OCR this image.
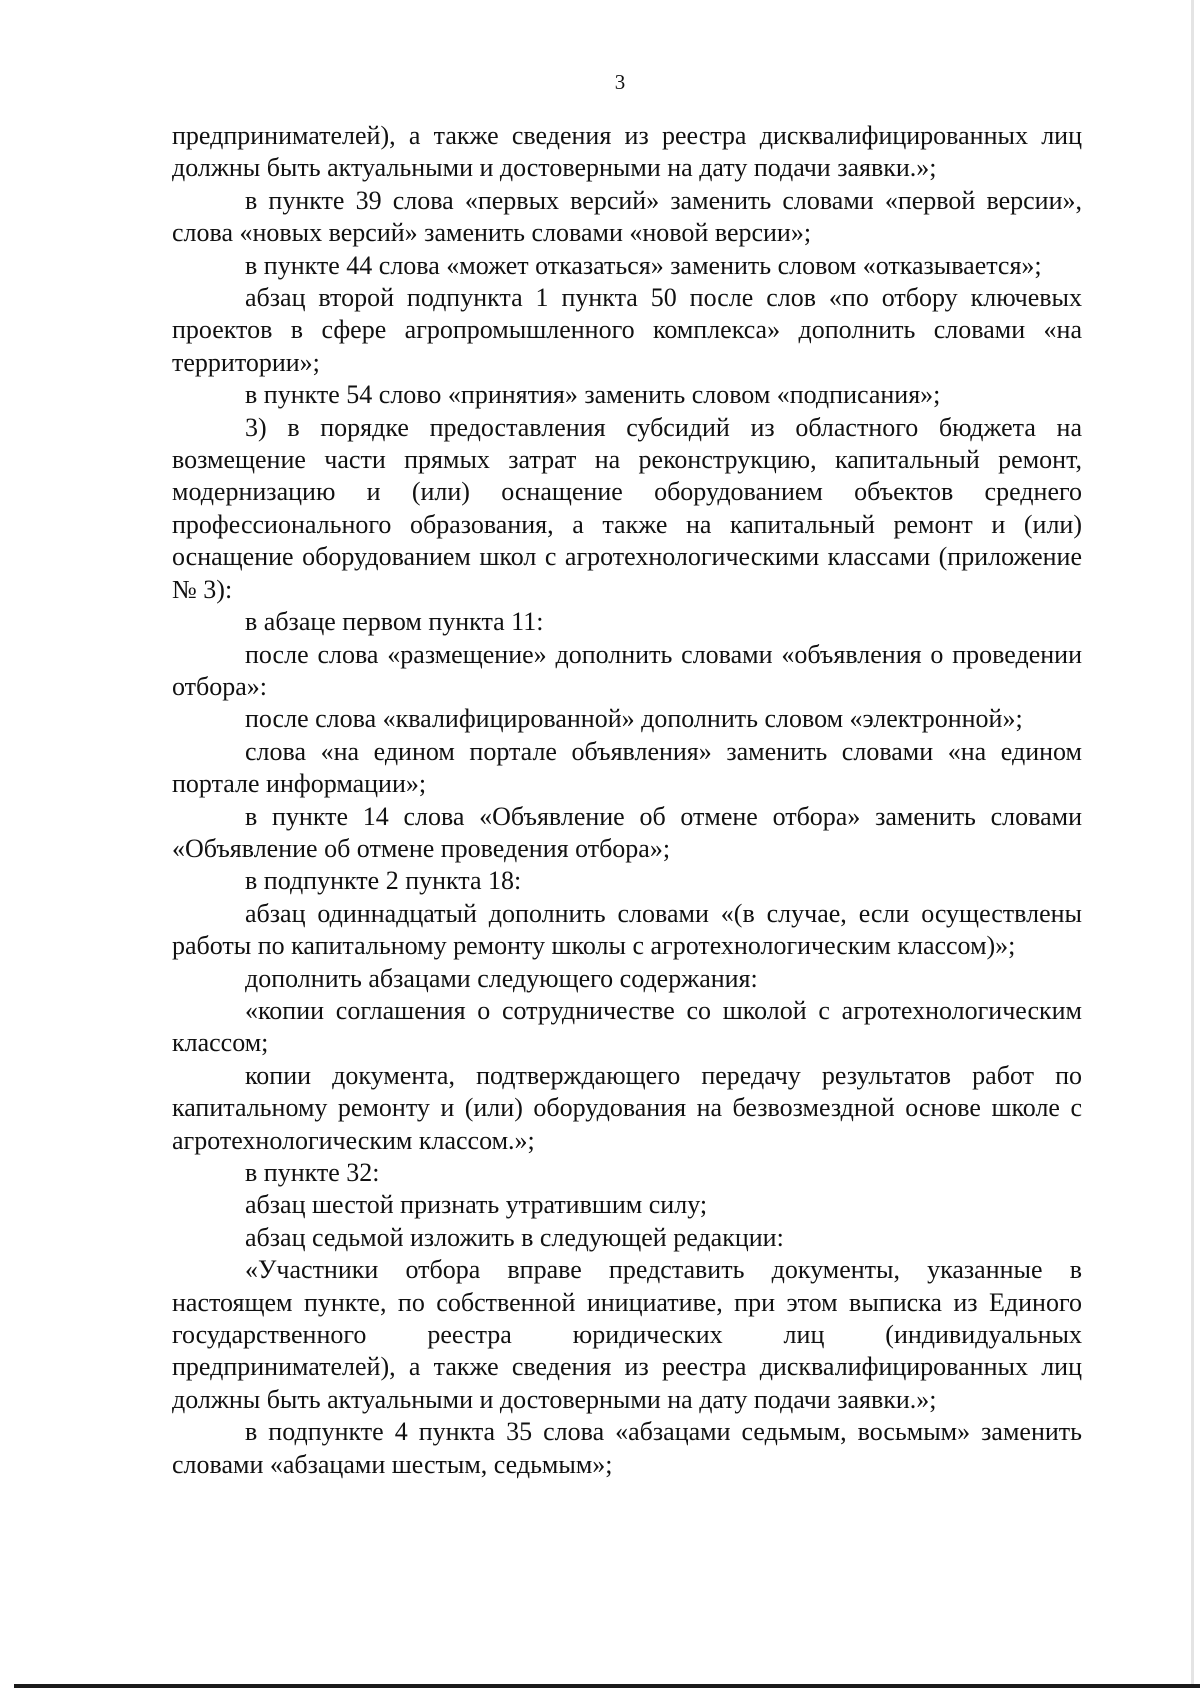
3

предпринимателей), а также сведения из реестра дисквалифицированных лиц должны быть актуальными и достоверными на дату подачи заявки.»;

в пункте 39 слова «первых версий» заменить словами «первой версии», слова «новых версий» заменить словами «новой версии»;

в пункте 44 слова «может отказаться» заменить словом «отказывается»;

абзац второй подпункта 1 пункта 50 после слов «по отбору ключевых проектов в сфере агропромышленного комплекса» дополнить словами «на территории»;

в пункте 54 слово «принятия» заменить словом «подписания»;

3) в порядке предоставления субсидий из областного бюджета на возмещение части прямых затрат на реконструкцию, капитальный ремонт, модернизацию и (или) оснащение оборудованием объектов среднего профессионального образования, а также на капитальный ремонт и (или) оснащение оборудованием школ с агротехнологическими классами (приложение № 3):

в абзаце первом пункта 11:

после слова «размещение» дополнить словами «объявления о проведении отбора»:

после слова «квалифицированной» дополнить словом «электронной»;

слова «на едином портале объявления» заменить словами «на едином портале информации»;

в пункте 14 слова «Объявление об отмене отбора» заменить словами «Объявление об отмене проведения отбора»;

в подпункте 2 пункта 18:

абзац одиннадцатый дополнить словами «(в случае, если осуществлены работы по капитальному ремонту школы с агротехнологическим классом)»;

дополнить абзацами следующего содержания:

«копии соглашения о сотрудничестве со школой с агротехнологическим классом;

копии документа, подтверждающего передачу результатов работ по капитальному ремонту и (или) оборудования на безвозмездной основе школе с агротехнологическим классом.»;

в пункте 32:

абзац шестой признать утратившим силу;

абзац седьмой изложить в следующей редакции:

«Участники отбора вправе представить документы, указанные в настоящем пункте, по собственной инициативе, при этом выписка из Единого государственного реестра юридических лиц (индивидуальных предпринимателей), а также сведения из реестра дисквалифицированных лиц должны быть актуальными и достоверными на дату подачи заявки.»;

в подпункте 4 пункта 35 слова «абзацами седьмым, восьмым» заменить словами «абзацами шестым, седьмым»;
